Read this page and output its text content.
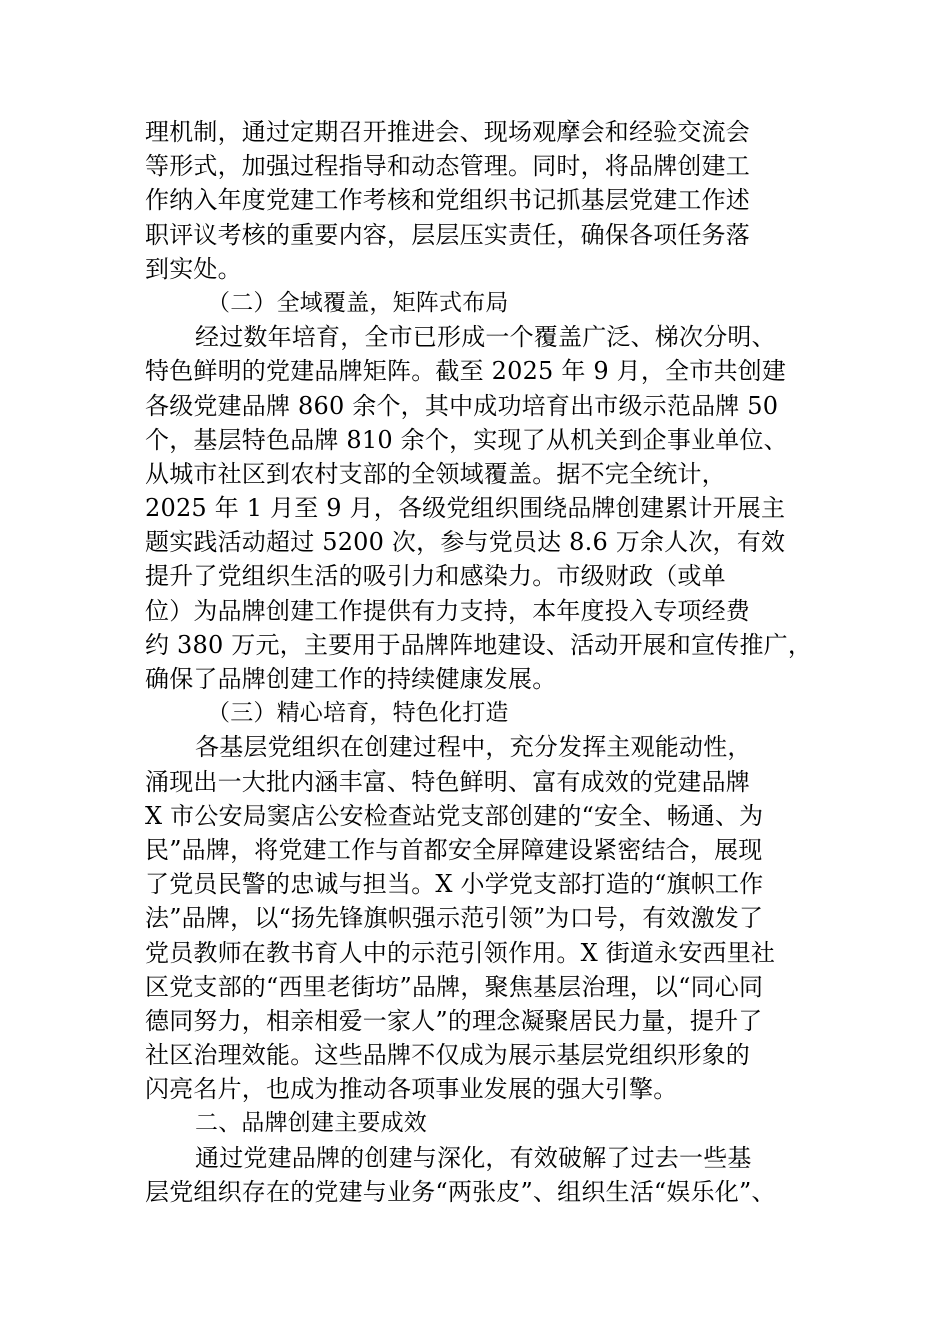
理机制，通过定期召开推进会、现场观摩会和经验交流会
等形式，加强过程指导和动态管理。同时，将品牌创建工
作纳入年度党建工作考核和党组织书记抓基层党建工作述
职评议考核的重要内容，层层压实责任，确保各项任务落
到实处。
（二）全域覆盖，矩阵式布局
经过数年培育，全市已形成一个覆盖广泛、梯次分明、
特色鲜明的党建品牌矩阵。截至 2025 年 9 月，全市共创建
各级党建品牌 860 余个，其中成功培育出市级示范品牌 50
个，基层特色品牌 810 余个，实现了从机关到企事业单位、
从城市社区到农村支部的全领域覆盖。据不完全统计，
2025 年 1 月至 9 月，各级党组织围绕品牌创建累计开展主
题实践活动超过 5200 次，参与党员达 8.6 万余人次，有效
提升了党组织生活的吸引力和感染力。市级财政（或单
位）为品牌创建工作提供有力支持，本年度投入专项经费
约 380 万元，主要用于品牌阵地建设、活动开展和宣传推广，
确保了品牌创建工作的持续健康发展。
（三）精心培育，特色化打造
各基层党组织在创建过程中，充分发挥主观能动性，
涌现出一大批内涵丰富、特色鲜明、富有成效的党建品牌
X 市公安局窦店公安检查站党支部创建的“安全、畅通、为
民”品牌，将党建工作与首都安全屏障建设紧密结合，展现
了党员民警的忠诚与担当。X 小学党支部打造的“旗帜工作
法”品牌，以“扬先锋旗帜强示范引领”为口号，有效激发了
党员教师在教书育人中的示范引领作用。X 街道永安西里社
区党支部的“西里老街坊”品牌，聚焦基层治理，以“同心同
德同努力，相亲相爱一家人”的理念凝聚居民力量，提升了
社区治理效能。这些品牌不仅成为展示基层党组织形象的
闪亮名片，也成为推动各项事业发展的强大引擎。
二、品牌创建主要成效
通过党建品牌的创建与深化，有效破解了过去一些基
层党组织存在的党建与业务“两张皮”、组织生活“娱乐化”、
